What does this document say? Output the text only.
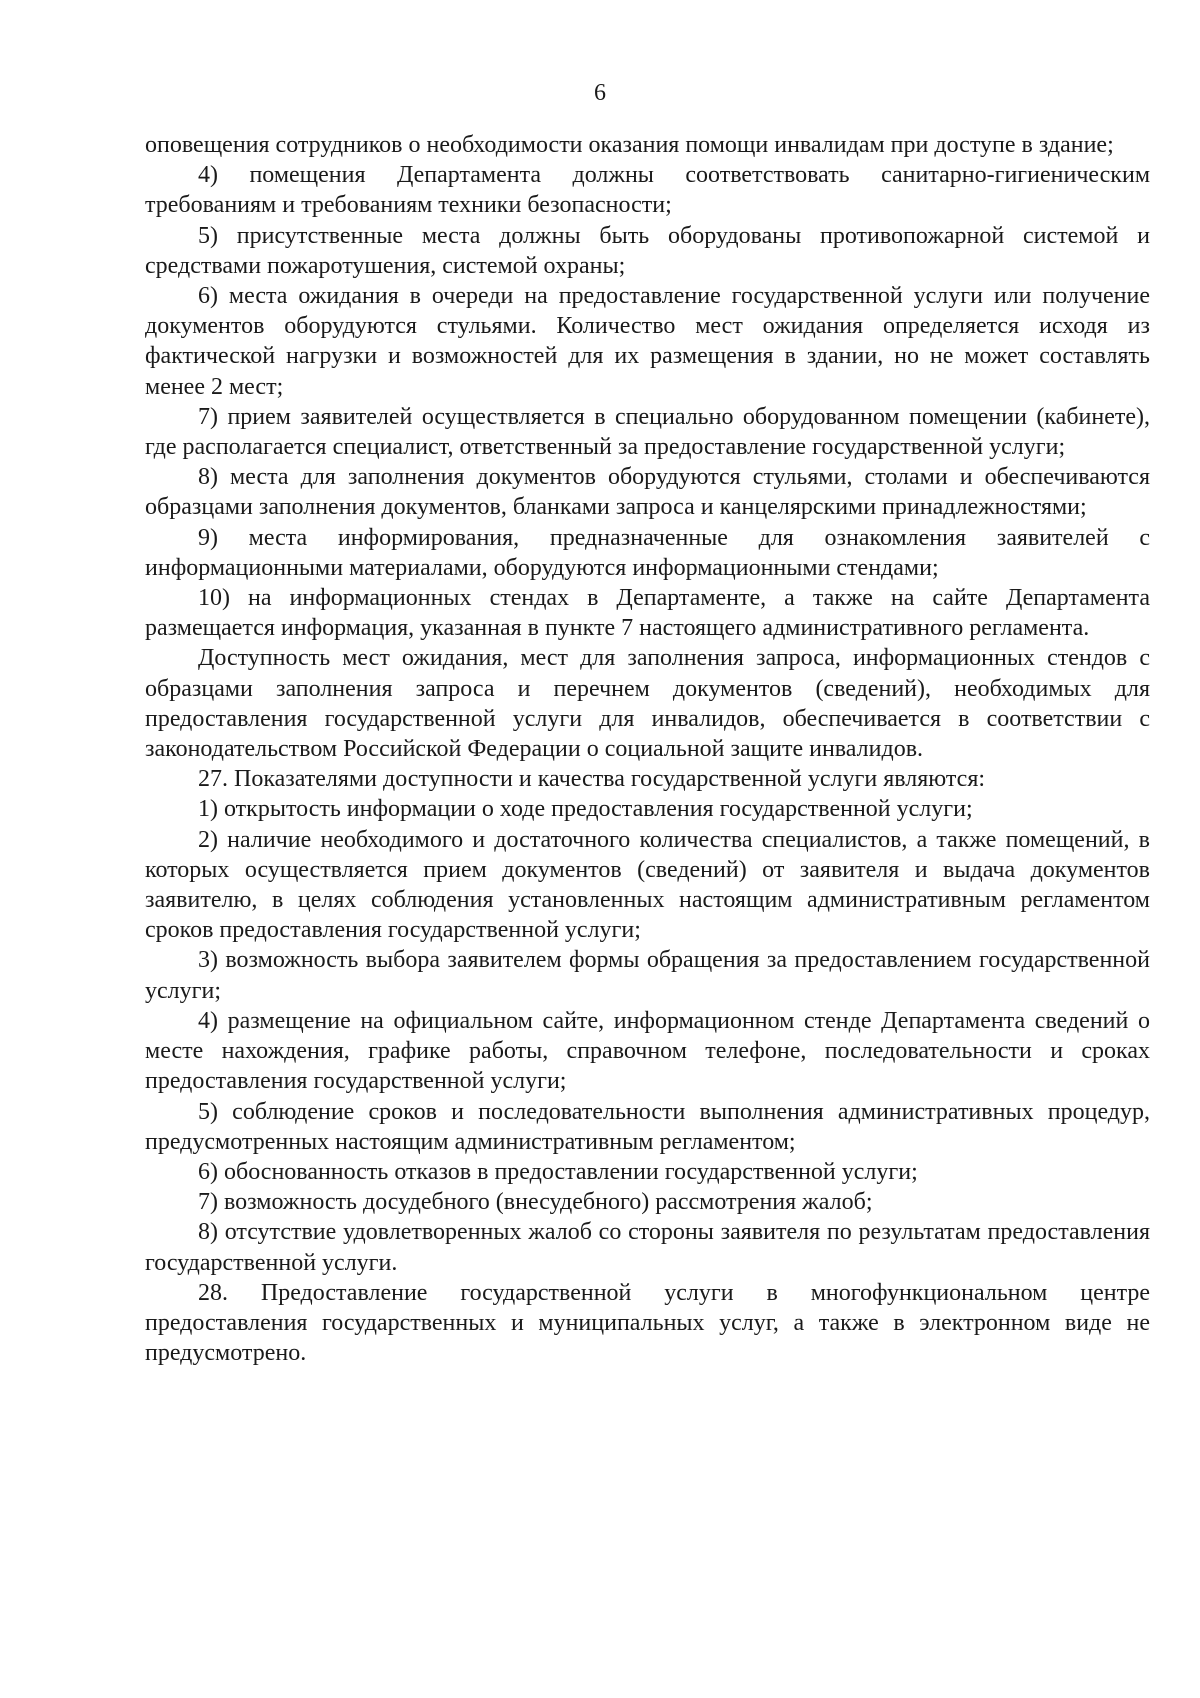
6

оповещения сотрудников о необходимости оказания помощи инвалидам при доступе в здание;

4) помещения Департамента должны соответствовать санитарно-гигиеническим требованиям и требованиям техники безопасности;

5) присутственные места должны быть оборудованы противопожарной системой и средствами пожаротушения, системой охраны;

6) места ожидания в очереди на предоставление государственной услуги или получение документов оборудуются стульями. Количество мест ожидания определяется исходя из фактической нагрузки и возможностей для их размещения в здании, но не может составлять менее 2 мест;

7) прием заявителей осуществляется в специально оборудованном помещении (кабинете), где располагается специалист, ответственный за предоставление государственной услуги;

8) места для заполнения документов оборудуются стульями, столами и обеспечиваются образцами заполнения документов, бланками запроса и канцелярскими принадлежностями;

9) места информирования, предназначенные для ознакомления заявителей с информационными материалами, оборудуются информационными стендами;

10) на информационных стендах в Департаменте, а также на сайте Департамента размещается информация, указанная в пункте 7 настоящего административного регламента.

Доступность мест ожидания, мест для заполнения запроса, информационных стендов с образцами заполнения запроса и перечнем документов (сведений), необходимых для предоставления государственной услуги для инвалидов, обеспечивается в соответствии с законодательством Российской Федерации о социальной защите инвалидов.

27. Показателями доступности и качества государственной услуги являются:

1) открытость информации о ходе предоставления государственной услуги;

2) наличие необходимого и достаточного количества специалистов, а также помещений, в которых осуществляется прием документов (сведений) от заявителя и выдача документов заявителю, в целях соблюдения установленных настоящим административным регламентом сроков предоставления государственной услуги;

3) возможность выбора заявителем формы обращения за предоставлением государственной услуги;

4) размещение на официальном сайте, информационном стенде Департамента сведений о месте нахождения, графике работы, справочном телефоне, последовательности и сроках предоставления государственной услуги;

5) соблюдение сроков и последовательности выполнения административных процедур, предусмотренных настоящим административным регламентом;

6) обоснованность отказов в предоставлении государственной услуги;

7) возможность досудебного (внесудебного) рассмотрения жалоб;

8) отсутствие удовлетворенных жалоб со стороны заявителя по результатам предоставления государственной услуги.

28. Предоставление государственной услуги в многофункциональном центре предоставления государственных и муниципальных услуг, а также в электронном виде не предусмотрено.
